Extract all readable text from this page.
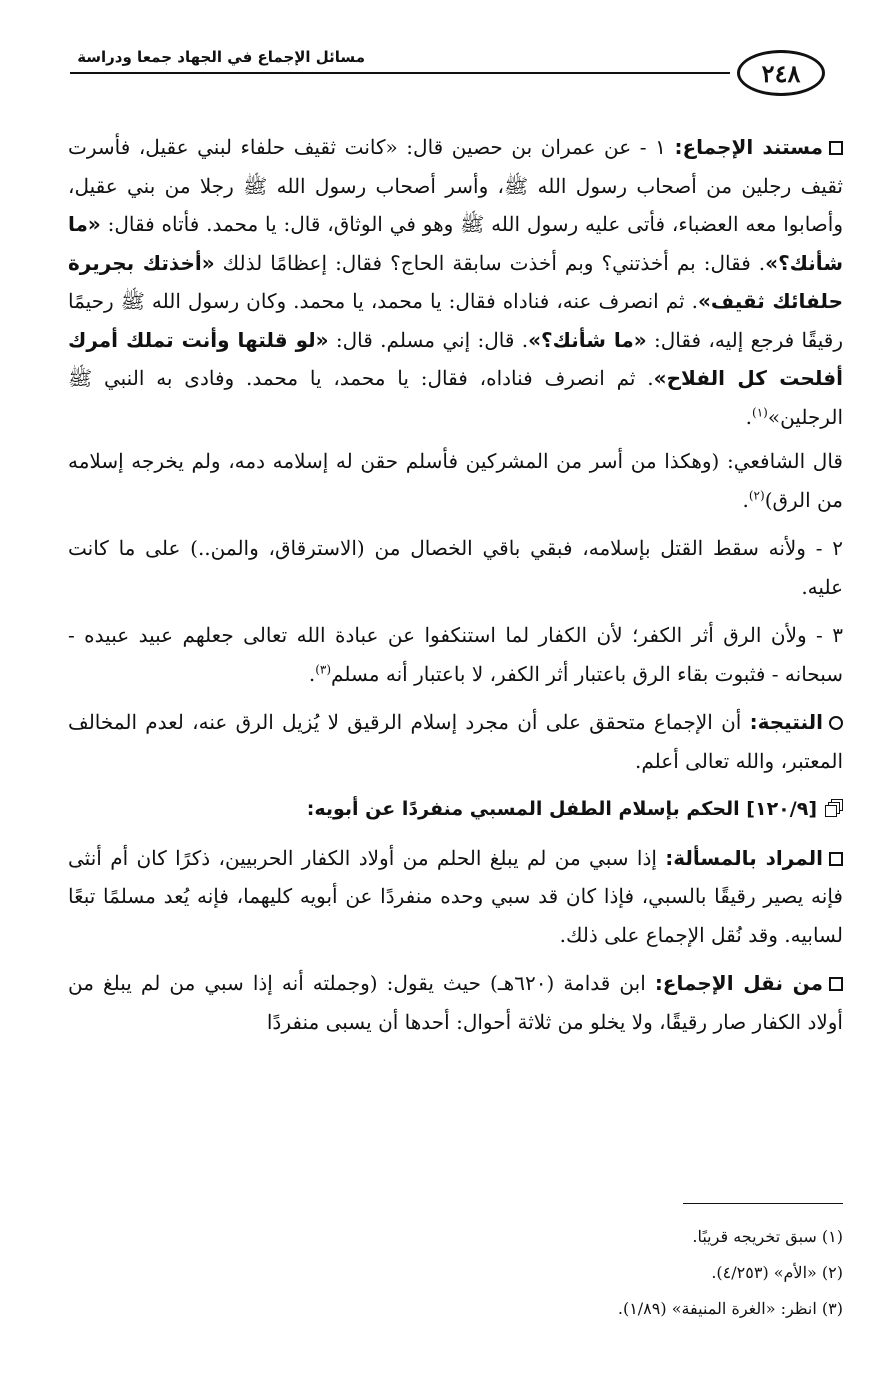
مسائل الإجماع في الجهاد جمعا ودراسة
٢٤٨

مستند الإجماع: ١ - عن عمران بن حصين قال: «كانت ثقيف حلفاء لبني عقيل، فأسرت ثقيف رجلين من أصحاب رسول الله ﷺ، وأسر أصحاب رسول الله ﷺ رجلا من بني عقيل، وأصابوا معه العضباء، فأتى عليه رسول الله ﷺ وهو في الوثاق، قال: يا محمد. فأتاه فقال: «ما شأنك؟». فقال: بم أخذتني؟ وبم أخذت سابقة الحاج؟ فقال: إعظامًا لذلك «أخذتك بجريرة حلفائك ثقيف». ثم انصرف عنه، فناداه فقال: يا محمد، يا محمد. وكان رسول الله ﷺ رحيمًا رقيقًا فرجع إليه، فقال: «ما شأنك؟». قال: إني مسلم. قال: «لو قلتها وأنت تملك أمرك أفلحت كل الفلاح». ثم انصرف فناداه، فقال: يا محمد، يا محمد. وفادى به النبي ﷺ الرجلين»$^{(١)}$.

قال الشافعي: (وهكذا من أسر من المشركين فأسلم حقن له إسلامه دمه، ولم يخرجه إسلامه من الرق)$^{(٢)}$.

٢ - ولأنه سقط القتل بإسلامه، فبقي باقي الخصال من (الاسترقاق، والمن..) على ما كانت عليه.

٣ - ولأن الرق أثر الكفر؛ لأن الكفار لما استنكفوا عن عبادة الله تعالى جعلهم عبيد عبيده - سبحانه - فثبوت بقاء الرق باعتبار أثر الكفر، لا باعتبار أنه مسلم$^{(٣)}$.

النتيجة: أن الإجماع متحقق على أن مجرد إسلام الرقيق لا يُزيل الرق عنه، لعدم المخالف المعتبر، والله تعالى أعلم.

[١٢٠/٩] الحكم بإسلام الطفل المسبي منفردًا عن أبويه:

المراد بالمسألة: إذا سبي من لم يبلغ الحلم من أولاد الكفار الحربيين، ذكرًا كان أم أنثى فإنه يصير رقيقًا بالسبي، فإذا كان قد سبي وحده منفردًا عن أبويه كليهما، فإنه يُعد مسلمًا تبعًا لسابيه. وقد نُقل الإجماع على ذلك.

من نقل الإجماع: ابن قدامة (٦٢٠هـ) حيث يقول: (وجملته أنه إذا سبي من لم يبلغ من أولاد الكفار صار رقيقًا، ولا يخلو من ثلاثة أحوال: أحدها أن يسبى منفردًا

(١) سبق تخريجه قريبًا.

(٢) «الأم» (٤/٢٥٣).

(٣) انظر: «الغرة المنيفة» (١/٨٩).
